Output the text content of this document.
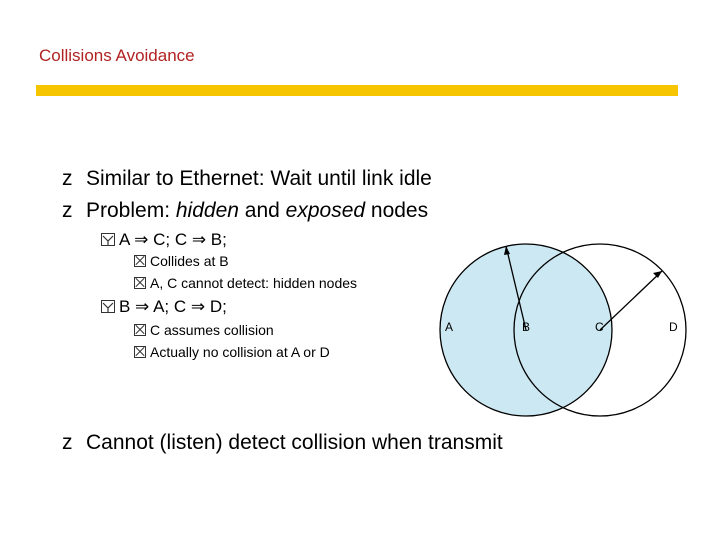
Collisions Avoidance
z Similar to Ethernet: Wait until link idle
z Problem: hidden and exposed nodes
A ⇒ C; C ⇒ B;
Collides at B
A, C cannot detect: hidden nodes
B ⇒ A; C ⇒ D;
C assumes collision
Actually no collision at A or D
A	B	C	D
z Cannot (listen) detect collision when transmit
